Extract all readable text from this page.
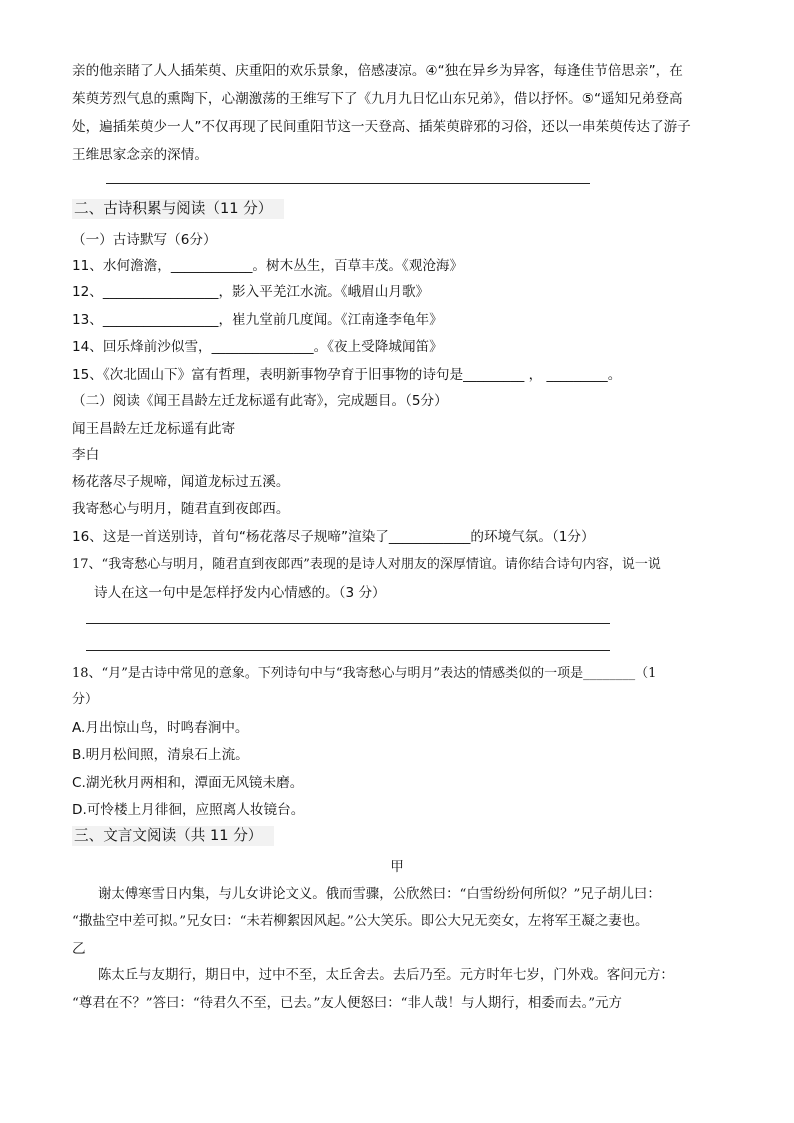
亲的他亲睹了人人插茱萸、庆重阳的欢乐景象，倍感凄凉。④“独在异乡为异客，每逢佳节倍思亲”，在
茱萸芳烈气息的熏陶下，心潮激荡的王维写下了《九月九日忆山东兄弟》，借以抒怀。⑤“遥知兄弟登高
处，遍插茱萸少一人”不仅再现了民间重阳节这一天登高、插茱萸辟邪的习俗，还以一串茱萸传达了游子
王维思家念亲的深情。
二、古诗积累与阅读（11 分）
（一）古诗默写（6分）
11、水何澹澹，____________。树木丛生，百草丰茂。《观沧海》
12、_________________，影入平羌江水流。《峨眉山月歌》
13、_________________，崔九堂前几度闻。《江南逢李龟年》
14、回乐烽前沙似雪，_______________。《夜上受降城闻笛》
15、《次北固山下》富有哲理，表明新事物孕育于旧事物的诗句是_________ ， _________。
（二）阅读《闻王昌龄左迁龙标遥有此寄》，完成题目。（5分）
闻王昌龄左迁龙标遥有此寄
李白
杨花落尽子规啼，闻道龙标过五溪。
我寄愁心与明月，随君直到夜郎西。
16、这是一首送别诗，首句“杨花落尽子规啼”渲染了____________的环境气氛。（1分）
17、“我寄愁心与明月，随君直到夜郎西”表现的是诗人对朋友的深厚情谊。请你结合诗句内容，说一说
诗人在这一句中是怎样抒发内心情感的。（3 分）
18、“月”是古诗中常见的意象。下列诗句中与“我寄愁心与明月”表达的情感类似的一项是________（1
分）
A.月出惊山鸟，时鸣春涧中。
B.明月松间照，清泉石上流。
C.湖光秋月两相和，潭面无风镜未磨。
D.可怜楼上月徘徊，应照离人妆镜台。
三、文言文阅读（共 11 分）
甲
谢太傅寒雪日内集，与儿女讲论文义。俄而雪骤，公欣然曰：“白雪纷纷何所似？”兄子胡儿曰：
“撒盐空中差可拟。”兄女曰：“未若柳絮因风起。”公大笑乐。即公大兄无奕女，左将军王凝之妻也。
乙
陈太丘与友期行，期日中，过中不至，太丘舍去。去后乃至。元方时年七岁，门外戏。客问元方：
“尊君在不？”答曰：“待君久不至，已去。”友人便怒曰：“非人哉！与人期行，相委而去。”元方
